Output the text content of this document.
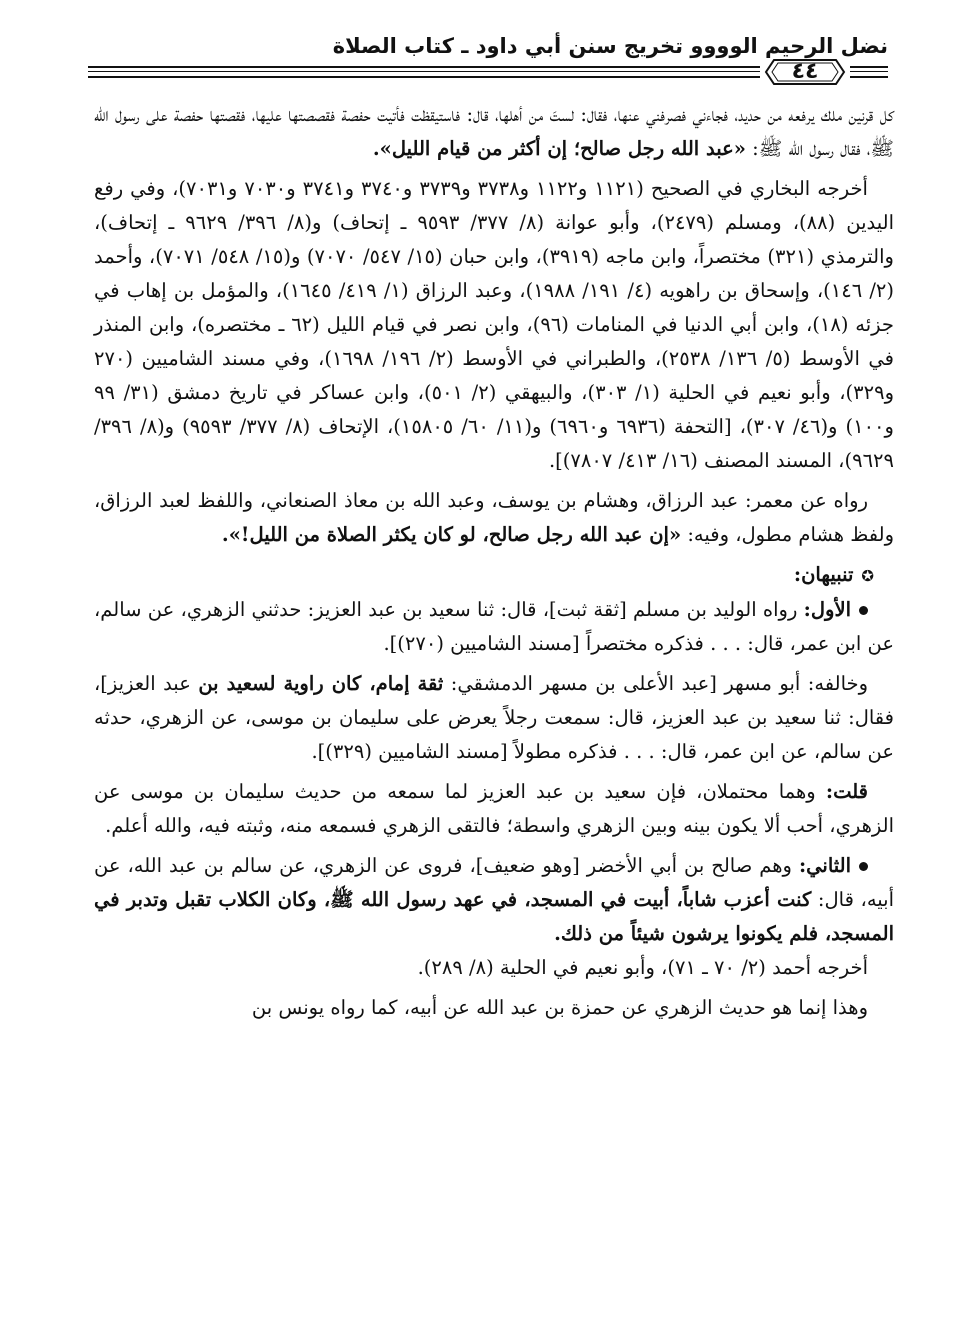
نضل الرحيم الوووو تخريج سنن أبي داود ـ كتاب الصلاة
٤٤

كل قرنين ملك يرفعه من حديد، فجاءني فصرفني عنها، فقال: لستَ من أهلها، قال: فاستيقظت فأتيت حفصة فقصصتها عليها، فقصتها حفصة على رسول الله ﷺ، فقال رسول الله ﷺ: «عبد الله رجل صالح؛ إن أكثر من قيام الليل».

أخرجه البخاري في الصحيح (١١٢١ و١١٢٢ و٣٧٣٨ و٣٧٣٩ و٣٧٤٠ و٣٧٤١ و٧٠٣٠ و٧٠٣١)، وفي رفع اليدين (٨٨)، ومسلم (٢٤٧٩)، وأبو عوانة (٨/ ٣٧٧/ ٩٥٩٣ ـ إتحاف) و(٨/ ٣٩٦/ ٩٦٢٩ ـ إتحاف)، والترمذي (٣٢١) مختصراً، وابن ماجه (٣٩١٩)، وابن حبان (١٥/ ٥٤٧/ ٧٠٧٠) و(١٥/ ٥٤٨/ ٧٠٧١)، وأحمد (٢/ ١٤٦)، وإسحاق بن راهويه (٤/ ١٩١/ ١٩٨٨)، وعبد الرزاق (١/ ٤١٩/ ١٦٤٥)، والمؤمل بن إهاب في جزئه (١٨)، وابن أبي الدنيا في المنامات (٩٦)، وابن نصر في قيام الليل (٦٢ ـ مختصره)، وابن المنذر في الأوسط (٥/ ١٣٦/ ٢٥٣٨)، والطبراني في الأوسط (٢/ ١٩٦/ ١٦٩٨)، وفي مسند الشاميين (٢٧٠ و٣٢٩)، وأبو نعيم في الحلية (١/ ٣٠٣)، والبيهقي (٢/ ٥٠١)، وابن عساكر في تاريخ دمشق (٣١/ ٩٩ و١٠٠) و(٤٦/ ٣٠٧)، [التحفة (٦٩٣٦ و٦٩٦٠) و(١١/ ٦٠/ ١٥٨٠٥)، الإتحاف (٨/ ٣٧٧/ ٩٥٩٣) و(٨/ ٣٩٦/ ٩٦٢٩)، المسند المصنف (١٦/ ٤١٣/ ٧٨٠٧)].

رواه عن معمر: عبد الرزاق، وهشام بن يوسف، وعبد الله بن معاذ الصنعاني، واللفظ لعبد الرزاق، ولفظ هشام مطول، وفيه: «إن عبد الله رجل صالح، لو كان يكثر الصلاة من الليل!».

✪تنبيهان:

الأول: رواه الوليد بن مسلم [ثقة ثبت]، قال: ثنا سعيد بن عبد العزيز: حدثني الزهري، عن سالم، عن ابن عمر، قال: . . . فذكره مختصراً [مسند الشاميين (٢٧٠)].

وخالفه: أبو مسهر [عبد الأعلى بن مسهر الدمشقي: ثقة إمام، كان راوية لسعيد بن عبد العزيز]، فقال: ثنا سعيد بن عبد العزيز، قال: سمعت رجلاً يعرض على سليمان بن موسى، عن الزهري، حدثه عن سالم، عن ابن عمر، قال: . . . فذكره مطولاً [مسند الشاميين (٣٢٩)].

قلت: وهما محتملان، فإن سعيد بن عبد العزيز لما سمعه من حديث سليمان بن موسى عن الزهري، أحب ألا يكون بينه وبين الزهري واسطة؛ فالتقى الزهري فسمعه منه، وثبته فيه، والله أعلم.

الثاني: وهم صالح بن أبي الأخضر [وهو ضعيف]، فروى عن الزهري، عن سالم بن عبد الله، عن أبيه، قال: كنت أعزب شاباً، أبيت في المسجد، في عهد رسول الله ﷺ، وكان الكلاب تقبل وتدبر في المسجد، فلم يكونوا يرشون شيئاً من ذلك.

أخرجه أحمد (٢/ ٧٠ ـ ٧١)، وأبو نعيم في الحلية (٨/ ٢٨٩).

وهذا إنما هو حديث الزهري عن حمزة بن عبد الله عن أبيه، كما رواه يونس بن
